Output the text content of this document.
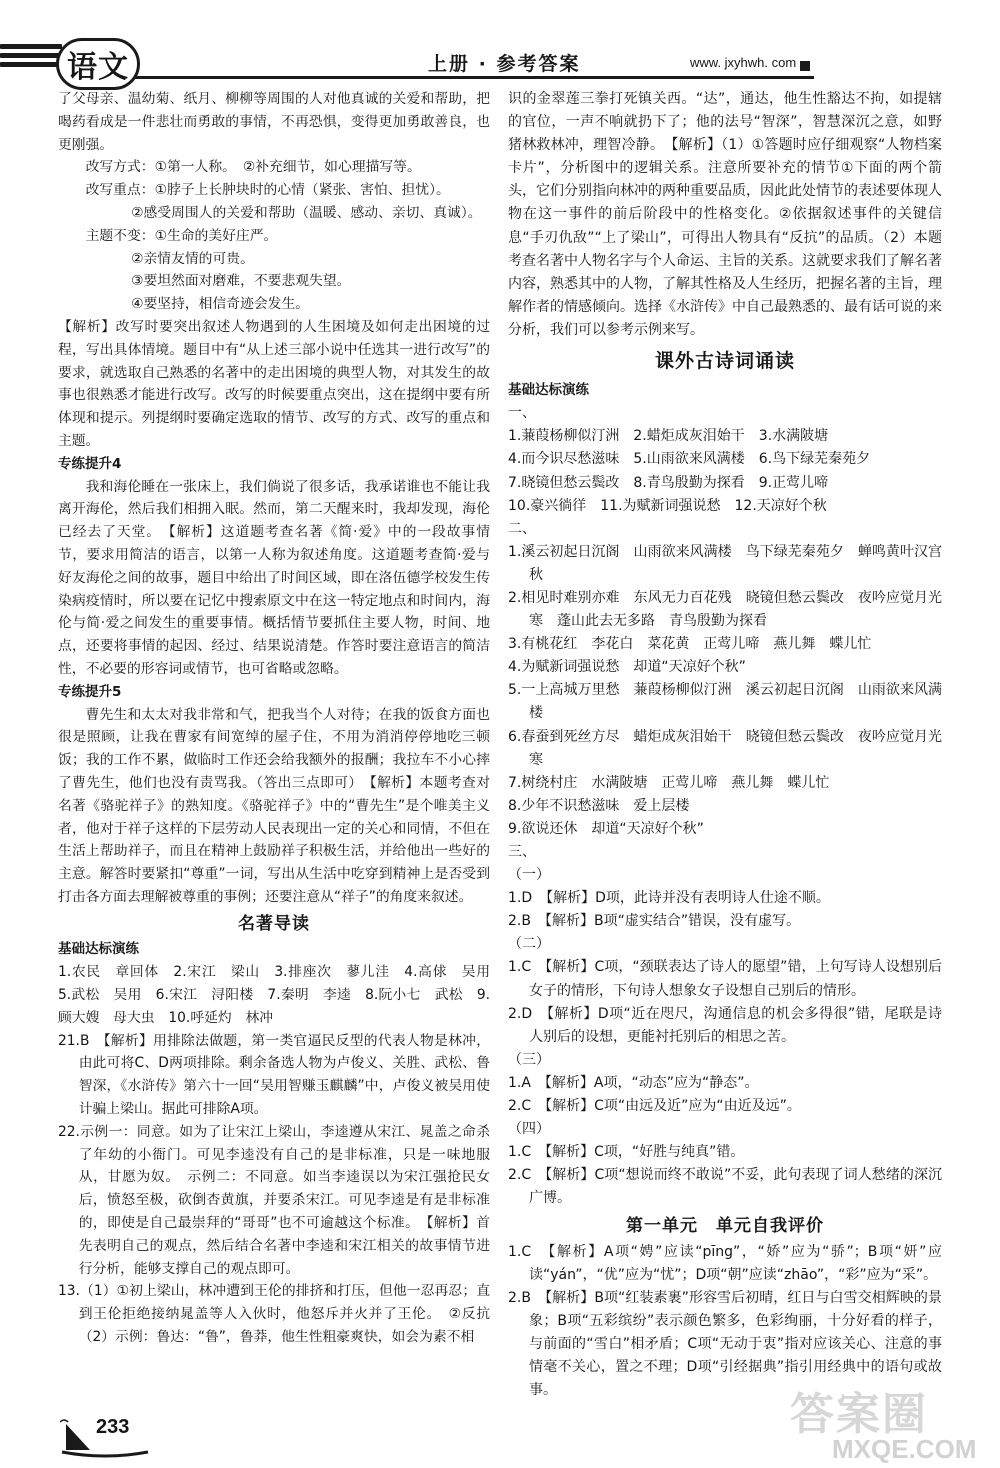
语文	上册 · 参考答案	www. jxyhwh. com

了父母亲、温幼菊、纸月、柳柳等周围的人对他真诚的关爱和帮助，把喝药看成是一件悲壮而勇敢的事情，不再恐惧，变得更加勇敢善良，也更刚强。

改写方式：①第一人称。　②补充细节，如心理描写等。

改写重点：①脖子上长肿块时的心情（紧张、害怕、担忧）。

②感受周围人的关爱和帮助（温暖、感动、亲切、真诚）。

主题不变：①生命的美好庄严。

②亲情友情的可贵。

③要坦然面对磨难，不要悲观失望。

④要坚持，相信奇迹会发生。

【解析】改写时要突出叙述人物遇到的人生困境及如何走出困境的过程，写出具体情境。题目中有“从上述三部小说中任选其一进行改写”的要求，就选取自己熟悉的名著中的走出困境的典型人物，对其发生的故事也很熟悉才能进行改写。改写的时候要重点突出，这在提纲中要有所体现和提示。列提纲时要确定选取的情节、改写的方式、改写的重点和主题。

专练提升4

我和海伦睡在一张床上，我们倘说了很多话，我承诺谁也不能让我离开海伦，然后我们相拥入眠。然而，第二天醒来时，我却发现，海伦已经去了天堂。　【解析】这道题考查名著《简·爱》中的一段故事情节，要求用简洁的语言，以第一人称为叙述角度。这道题考查简·爱与好友海伦之间的故事，题目中给出了时间区域，即在洛伍德学校发生传染病疫情时，所以要在记忆中搜索原文中在这一特定地点和时间内，海伦与简·爱之间发生的重要事情。概括情节要抓住主要人物，时间、地点，还要将事情的起因、经过、结果说清楚。作答时要注意语言的简洁性，不必要的形容词或情节，也可省略或忽略。

专练提升5

曹先生和太太对我非常和气，把我当个人对待；在我的饭食方面也很是照顾，让我在曹家有间宽绰的屋子住，不用为消消停停地吃三顿饭；我的工作不累，做临时工作还会给我额外的报酬；我拉车不小心摔了曹先生，他们也没有责骂我。（答出三点即可）　【解析】本题考查对名著《骆驼祥子》的熟知度。《骆驼祥子》中的“曹先生”是个唯美主义者，他对于祥子这样的下层劳动人民表现出一定的关心和同情，不但在生活上帮助祥子，而且在精神上鼓励祥子积极生活，并给他出一些好的主意。解答时要紧扣“尊重”一词，写出从生活中吃穿到精神上是否受到打击各方面去理解被尊重的事例；还要注意从“祥子”的角度来叙述。

名著导读

基础达标演练

1.农民　章回体　2.宋江　梁山　3.排座次　蓼儿洼　4.高俅　吴用　5.武松　吴用　6.宋江　浔阳楼　7.秦明　李逵　8.阮小七　武松　9.顾大嫂　母大虫　10.呼延灼　林冲

21.B　【解析】用排除法做题，第一类官逼民反型的代表人物是林冲，由此可将C、D两项排除。剩余备选人物为卢俊义、关胜、武松、鲁智深，《水浒传》第六十一回“吴用智赚玉麒麟”中，卢俊义被吴用使计骗上梁山。据此可排除A项。

22.示例一：同意。如为了让宋江上梁山，李逵遵从宋江、晁盖之命杀了年幼的小衙门。可见李逵没有自己的是非标准，只是一味地服从，甘愿为奴。　示例二：不同意。如当李逵误以为宋江强抢民女后，愤怒至极，砍倒杏黄旗，并要杀宋江。可见李逵是有是非标准的，即使是自己最崇拜的“哥哥”也不可逾越这个标准。　【解析】首先表明自己的观点，然后结合名著中李逵和宋江相关的故事情节进行分析，能够支撑自己的观点即可。

13.（1）①初上梁山，林冲遭到王伦的排挤和打压，但他一忍再忍；直到王伦拒绝接纳晁盖等人入伙时，他怒斥并火并了王伦。　②反抗　（2）示例：鲁达：“鲁”，鲁莽，他生性粗豪爽快，如会为素不相

识的金翠莲三拳打死镇关西。“达”，通达，他生性豁达不拘，如提辖的官位，一声不响就扔下了；他的法号“智深”，智慧深沉之意，如野猪林救林冲，理智冷静。　【解析】（1）①答题时应仔细观察“人物档案卡片”，分析图中的逻辑关系。注意所要补充的情节①下面的两个箭头，它们分别指向林冲的两种重要品质，因此此处情节的表述要体现人物在这一事件的前后阶段中的性格变化。②依据叙述事件的关键信息“手刃仇敌”“上了梁山”，可得出人物具有“反抗”的品质。（2）本题考查名著中人物名字与个人命运、主旨的关系。这就要求我们了解名著内容，熟悉其中的人物，了解其性格及人生经历，把握名著的主旨，理解作者的情感倾向。选择《水浒传》中自己最熟悉的、最有话可说的来分析，我们可以参考示例来写。

课外古诗词诵读

基础达标演练

一、

1.蒹葭杨柳似汀洲　2.蜡炬成灰泪始干　3.水满陂塘

4.而今识尽愁滋味　5.山雨欲来风满楼　6.鸟下绿芜秦苑夕

7.晓镜但愁云鬓改　8.青鸟殷勤为探看　9.正莺儿啼

10.豪兴徜徉　11.为赋新词强说愁　12.天凉好个秋

二、

1.溪云初起日沉阁　山雨欲来风满楼　鸟下绿芜秦苑夕　蝉鸣黄叶汉宫秋

2.相见时难别亦难　东风无力百花残　晓镜但愁云鬓改　夜吟应觉月光寒　蓬山此去无多路　青鸟殷勤为探看

3.有桃花红　李花白　菜花黄　正莺儿啼　燕儿舞　蝶儿忙

4.为赋新词强说愁　却道“天凉好个秋”

5.一上高城万里愁　蒹葭杨柳似汀洲　溪云初起日沉阁　山雨欲来风满楼

6.春蚕到死丝方尽　蜡炬成灰泪始干　晓镜但愁云鬓改　夜吟应觉月光寒

7.树绕村庄　水满陂塘　正莺儿啼　燕儿舞　蝶儿忙

8.少年不识愁滋味　爱上层楼

9.欲说还休　却道“天凉好个秋”

三、

（一）

1.D　【解析】D项，此诗并没有表明诗人仕途不顺。

2.B　【解析】B项“虚实结合”错误，没有虚写。

（二）

1.C　【解析】C项，“颈联表达了诗人的愿望”错，上句写诗人设想别后女子的情形，下句诗人想象女子设想自己别后的情形。

2.D　【解析】D项“近在咫尺，沟通信息的机会多得很”错，尾联是诗人别后的设想，更能衬托别后的相思之苦。

（三）

1.A　【解析】A项，“动态”应为“静态”。

2.C　【解析】C项“由远及近”应为“由近及远”。

（四）

1.C　【解析】C项，“好胜与纯真”错。

2.C　【解析】C项“想说而终不敢说”不妥，此句表现了词人愁绪的深沉广博。

第一单元　单元自我评价

1.C　【解析】A项“娉”应读“pīng”，“娇”应为“骄”；B项“妍”应读“yán”，“优”应为“忧”；D项“朝”应读“zhāo”，“彩”应为“采”。

2.B　【解析】B项“红装素裹”形容雪后初晴，红日与白雪交相辉映的景象；B项“五彩缤纷”表示颜色繁多，色彩绚丽，十分好看的样子，与前面的“雪白”相矛盾；C项“无动于衷”指对应该关心、注意的事情毫不关心，置之不理；D项“引经据典”指引用经典中的语句或故事。

233	答案圈
MXQE.COM
